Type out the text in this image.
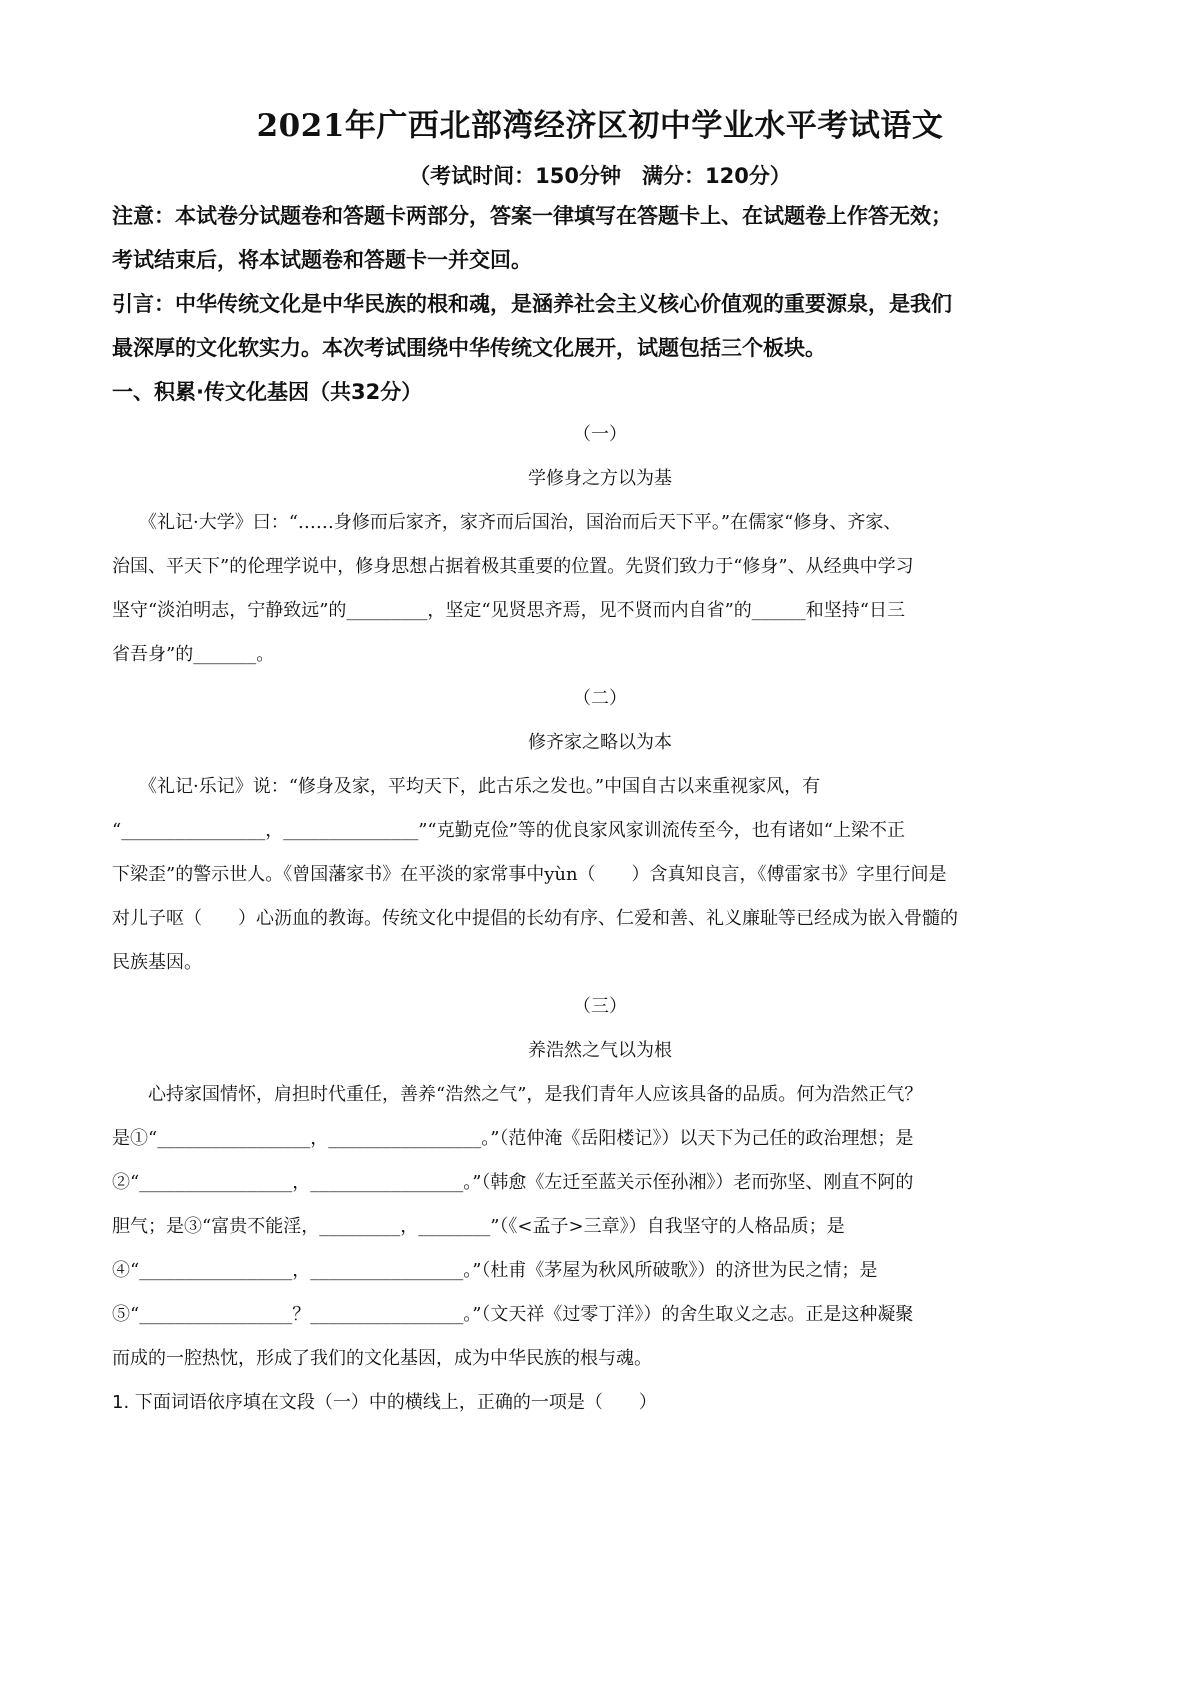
2021年广西北部湾经济区初中学业水平考试语文
（考试时间：150分钟　满分：120分）
注意：本试卷分试题卷和答题卡两部分，答案一律填写在答题卡上、在试题卷上作答无效；
考试结束后，将本试题卷和答题卡一并交回。
引言：中华传统文化是中华民族的根和魂，是涵养社会主义核心价值观的重要源泉，是我们
最深厚的文化软实力。本次考试围绕中华传统文化展开，试题包括三个板块。
一、积累·传文化基因（共32分）
（一）
学修身之方以为基
　　《礼记·大学》曰：“……身修而后家齐，家齐而后国治，国治而后天下平。”在儒家“修身、齐家、
治国、平天下”的伦理学说中，修身思想占据着极其重要的位置。先贤们致力于“修身”、从经典中学习
坚守“淡泊明志，宁静致远”的_________，坚定“见贤思齐焉，见不贤而内自省”的______和坚持“日三
省吾身”的_______。
（二）
修齐家之略以为本
　　《礼记·乐记》说：“修身及家，平均天下，此古乐之发也。”中国自古以来重视家风，有
“________________，_______________”“克勤克俭”等的优良家风家训流传至今，也有诸如“上梁不正
下梁歪”的警示世人。《曾国藩家书》在平淡的家常事中yùn（　　）含真知良言，《傅雷家书》字里行间是
对儿子呕（　　）心沥血的教诲。传统文化中提倡的长幼有序、仁爱和善、礼义廉耻等已经成为嵌入骨髓的
民族基因。
（三）
养浩然之气以为根
　　心持家国情怀，肩担时代重任，善养“浩然之气”，是我们青年人应该具备的品质。何为浩然正气？
是①“_________________，_________________。”（范仲淹《岳阳楼记》）以天下为己任的政治理想；是
②“_________________，_________________。”（韩愈《左迁至蓝关示侄孙湘》）老而弥坚、刚直不阿的
胆气；是③“富贵不能淫，_________，________”（《<孟子>三章》）自我坚守的人格品质；是
④“_________________，_________________。”（杜甫《茅屋为秋风所破歌》）的济世为民之情；是
⑤“_________________？_________________。”（文天祥《过零丁洋》）的舍生取义之志。正是这种凝聚
而成的一腔热忱，形成了我们的文化基因，成为中华民族的根与魂。
1. 下面词语依序填在文段（一）中的横线上，正确的一项是（　　）
